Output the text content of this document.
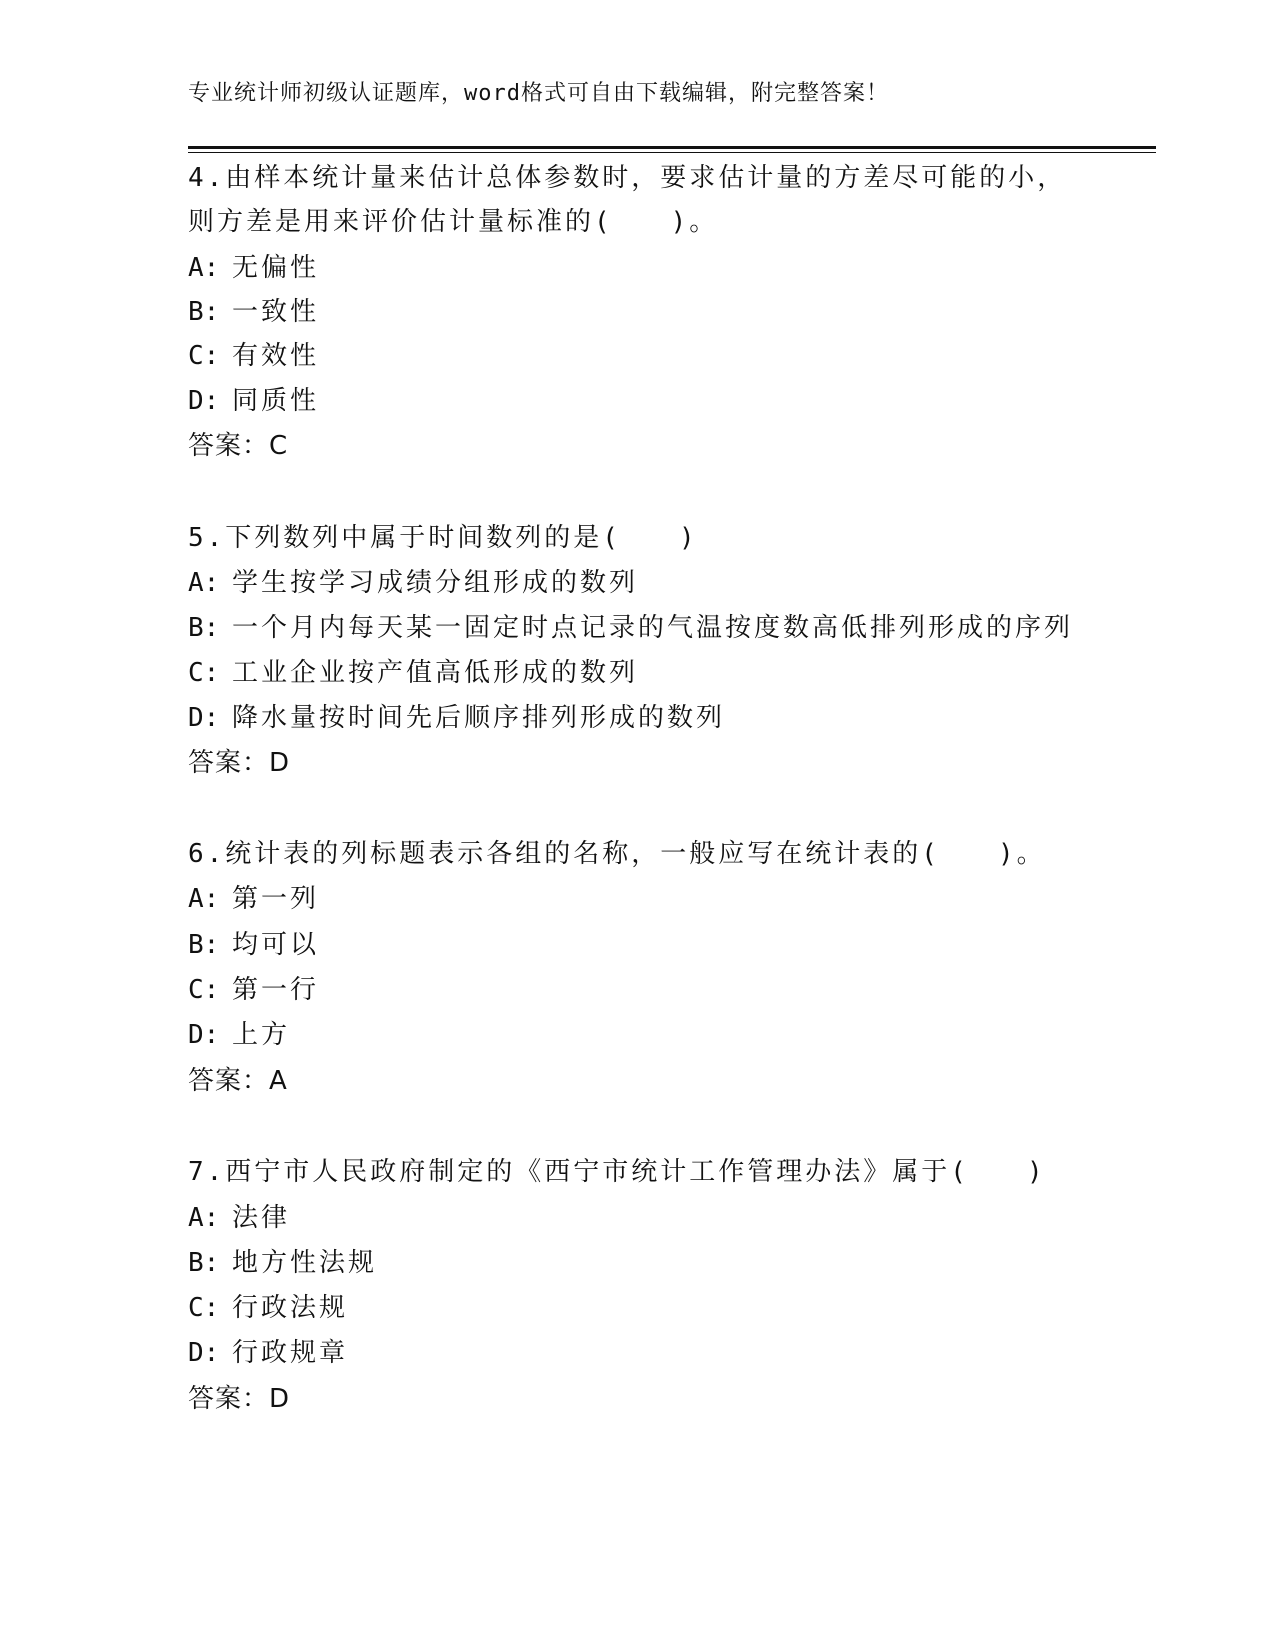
专业统计师初级认证题库，word格式可自由下载编辑，附完整答案！
4.由样本统计量来估计总体参数时，要求估计量的方差尽可能的小，
则方差是用来评价估计量标准的(　　)。
A: 无偏性
B: 一致性
C: 有效性
D: 同质性
答案：C
5.下列数列中属于时间数列的是(　　)
A: 学生按学习成绩分组形成的数列
B: 一个月内每天某一固定时点记录的气温按度数高低排列形成的序列
C: 工业企业按产值高低形成的数列
D: 降水量按时间先后顺序排列形成的数列
答案：D
6.统计表的列标题表示各组的名称，一般应写在统计表的(　　)。
A: 第一列
B: 均可以
C: 第一行
D: 上方
答案：A
7.西宁市人民政府制定的《西宁市统计工作管理办法》属于(　　)
A: 法律
B: 地方性法规
C: 行政法规
D: 行政规章
答案：D
